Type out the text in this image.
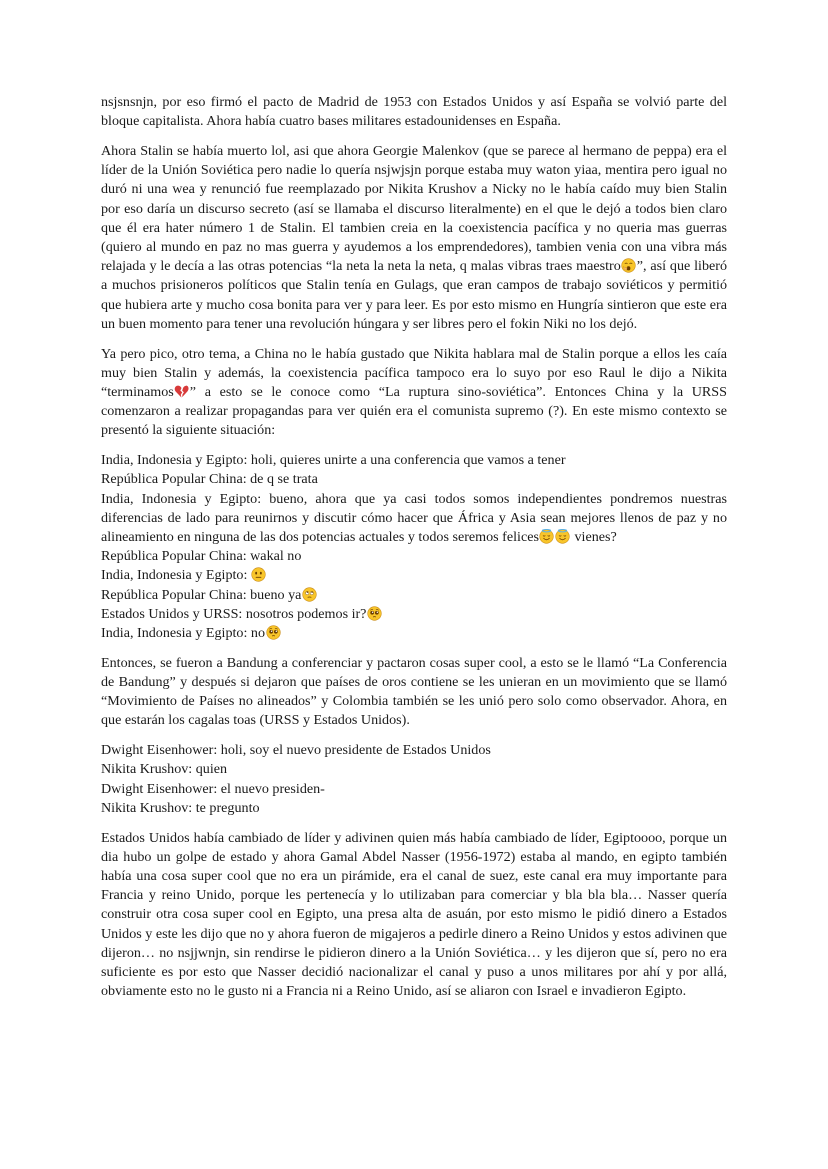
nsjsnsnjn, por eso firmó el pacto de Madrid de 1953 con Estados Unidos y así España se volvió parte del bloque capitalista. Ahora había cuatro bases militares estadounidenses en España.

Ahora Stalin se había muerto lol, asi que ahora Georgie Malenkov (que se parece al hermano de peppa) era el líder de la Unión Soviética pero nadie lo quería nsjwjsjn porque estaba muy waton yiaa, mentira pero igual no duró ni una wea y renunció fue reemplazado por Nikita Krushov a Nicky no le había caído muy bien Stalin por eso daría un discurso secreto (así se llamaba el discurso literalmente) en el que le dejó a todos bien claro que él era hater número 1 de Stalin. El tambien creia en la coexistencia pacífica y no queria mas guerras (quiero al mundo en paz no mas guerra y ayudemos a los emprendedores), tambien venia con una vibra más relajada y le decía a las otras potencias “la neta la neta la neta, q malas vibras traes maestro ”, así que liberó a muchos prisioneros políticos que Stalin tenía en Gulags, que eran campos de trabajo soviéticos y permitió que hubiera arte y mucho cosa bonita para ver y para leer. Es por esto mismo en Hungría sintieron que este era un buen momento para tener una revolución húngara y ser libres pero el fokin Niki no los dejó.

Ya pero pico, otro tema, a China no le había gustado que Nikita hablara mal de Stalin porque a ellos les caía muy bien Stalin y además, la coexistencia pacífica tampoco era lo suyo por eso Raul le dijo a Nikita “terminamos ” a esto se le conoce como “La ruptura sino-soviética”. Entonces China y la URSS comenzaron a realizar propagandas para ver quién era el comunista supremo (?). En este mismo contexto se presentó la siguiente situación:

India, Indonesia y Egipto: holi, quieres unirte a una conferencia que vamos a tener
República Popular China: de q se trata
India, Indonesia y Egipto: bueno, ahora que ya casi todos somos independientes pondremos nuestras diferencias de lado para reunirnos y discutir cómo hacer que África y Asia sean mejores llenos de paz y no alineamiento en ninguna de las dos potencias actuales y todos seremos felices
vienes?
República Popular China: wakal no
India, Indonesia y Egipto:
República Popular China: bueno ya
Estados Unidos y URSS: nosotros podemos ir?
India, Indonesia y Egipto: no

Entonces, se fueron a Bandung a conferenciar y pactaron cosas super cool, a esto se le llamó “La Conferencia de Bandung” y después si dejaron que países de oros contiene se les unieran en un movimiento que se llamó “Movimiento de Países no alineados” y Colombia también se les unió pero solo como observador. Ahora, en que estarán los cagalas toas (URSS y Estados Unidos).

Dwight Eisenhower: holi, soy el nuevo presidente de Estados Unidos
Nikita Krushov: quien
Dwight Eisenhower: el nuevo presiden-
Nikita Krushov: te pregunto

Estados Unidos había cambiado de líder y adivinen quien más había cambiado de líder, Egiptoooo, porque un dia hubo un golpe de estado y ahora Gamal Abdel Nasser (1956-1972) estaba al mando, en egipto también había una cosa super cool que no era un pirámide, era el canal de suez, este canal era muy importante para Francia y reino Unido, porque les pertenecía y lo utilizaban para comerciar y bla bla bla… Nasser quería construir otra cosa super cool en Egipto, una presa alta de asuán, por esto mismo le pidió dinero a Estados Unidos y este les dijo que no y ahora fueron de migajeros a pedirle dinero a Reino Unidos y estos adivinen que dijeron… no nsjjwnjn, sin rendirse le pidieron dinero a la Unión Soviética… y les dijeron que sí, pero no era suficiente es por esto que Nasser decidió nacionalizar el canal y puso a unos militares por ahí y por allá, obviamente esto no le gusto ni a Francia ni a Reino Unido, así se aliaron con Israel e invadieron Egipto.
